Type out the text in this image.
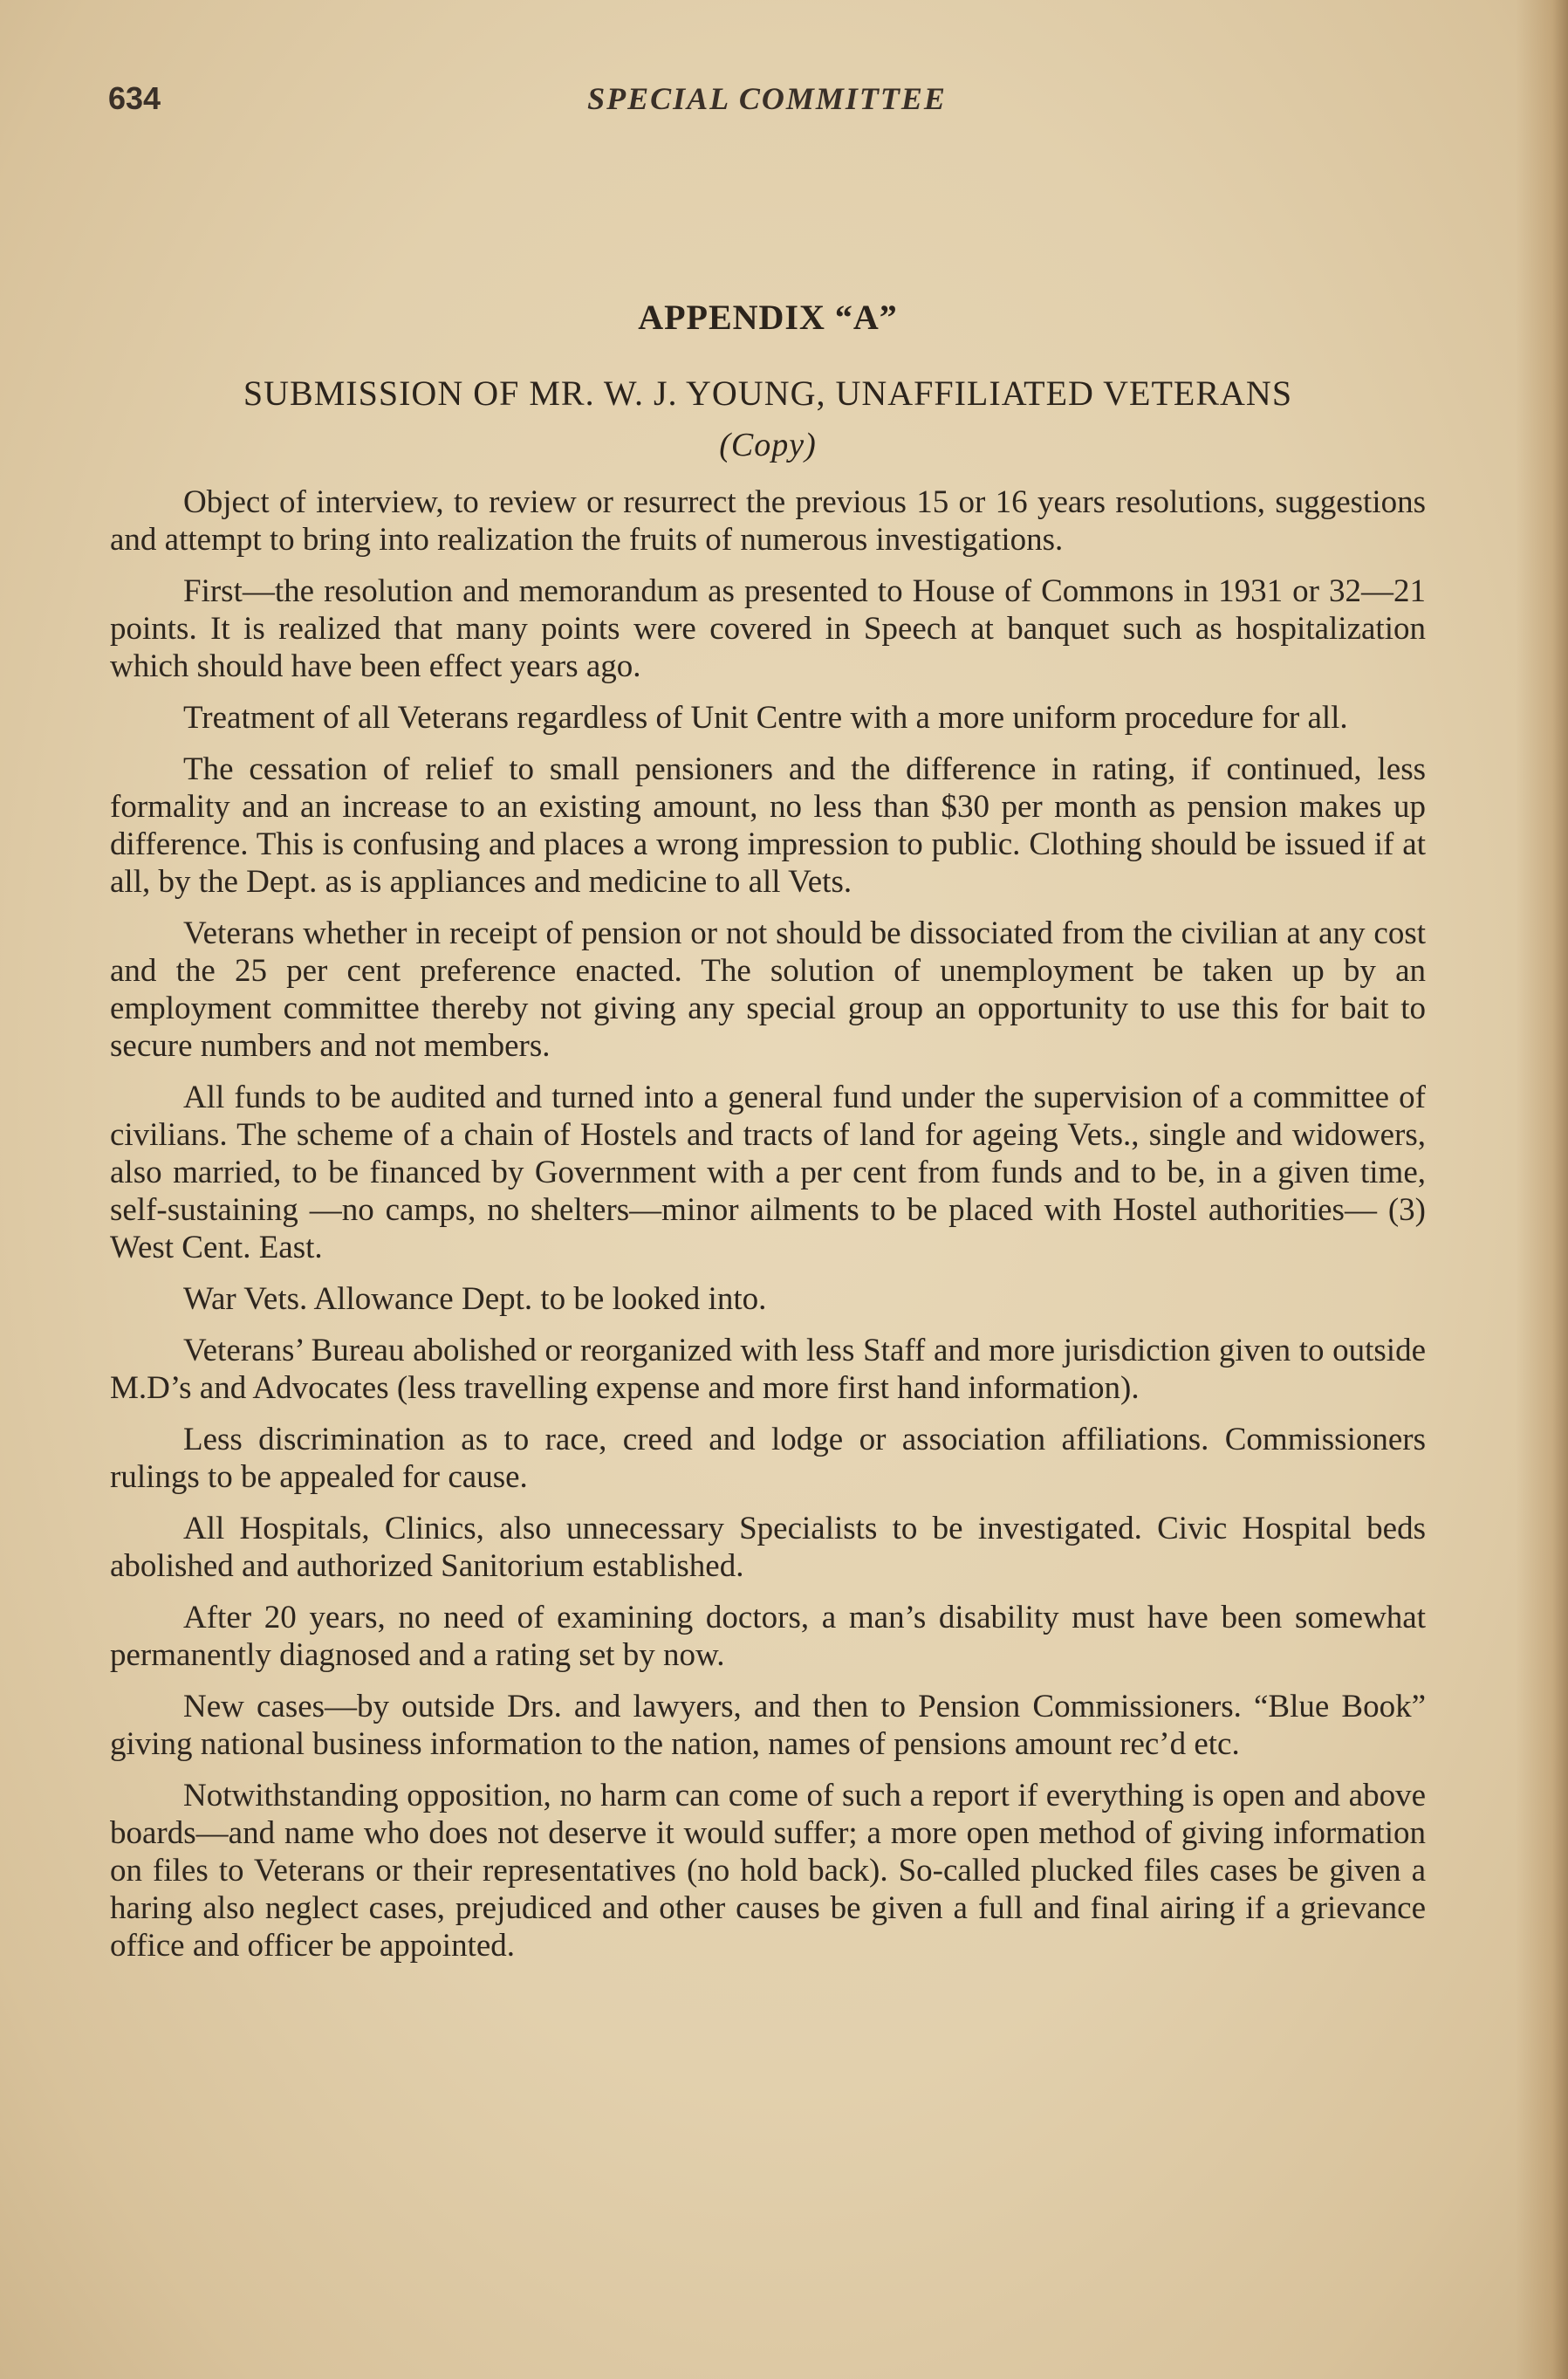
634	SPECIAL COMMITTEE
APPENDIX “A”
SUBMISSION OF MR. W. J. YOUNG, UNAFFILIATED VETERANS
(Copy)

Object of interview, to review or resurrect the previous 15 or 16 years resolutions, suggestions and attempt to bring into realization the fruits of numerous investigations.

First—the resolution and memorandum as presented to House of Commons in 1931 or 32—21 points. It is realized that many points were covered in Speech at banquet such as hospitalization which should have been effect years ago.

Treatment of all Veterans regardless of Unit Centre with a more uniform procedure for all.

The cessation of relief to small pensioners and the difference in rating, if continued, less formality and an increase to an existing amount, no less than $30 per month as pension makes up difference. This is confusing and places a wrong impression to public. Clothing should be issued if at all, by the Dept. as is appliances and medicine to all Vets.

Veterans whether in receipt of pension or not should be dissociated from the civilian at any cost and the 25 per cent preference enacted. The solution of unemployment be taken up by an employment committee thereby not giving any special group an opportunity to use this for bait to secure numbers and not members.

All funds to be audited and turned into a general fund under the supervision of a committee of civilians. The scheme of a chain of Hostels and tracts of land for ageing Vets., single and widowers, also married, to be financed by Government with a per cent from funds and to be, in a given time, self-sustaining —no camps, no shelters—minor ailments to be placed with Hostel authorities— (3) West Cent. East.

War Vets. Allowance Dept. to be looked into.

Veterans’ Bureau abolished or reorganized with less Staff and more jurisdiction given to outside M.D’s and Advocates (less travelling expense and more first hand information).

Less discrimination as to race, creed and lodge or association affiliations. Commissioners rulings to be appealed for cause.

All Hospitals, Clinics, also unnecessary Specialists to be investigated. Civic Hospital beds abolished and authorized Sanitorium established.

After 20 years, no need of examining doctors, a man’s disability must have been somewhat permanently diagnosed and a rating set by now.

New cases—by outside Drs. and lawyers, and then to Pension Commissioners. “Blue Book” giving national business information to the nation, names of pensions amount rec’d etc.

Notwithstanding opposition, no harm can come of such a report if everything is open and above boards—and name who does not deserve it would suffer; a more open method of giving information on files to Veterans or their representatives (no hold back). So-called plucked files cases be given a haring also neglect cases, prejudiced and other causes be given a full and final airing if a grievance office and officer be appointed.
